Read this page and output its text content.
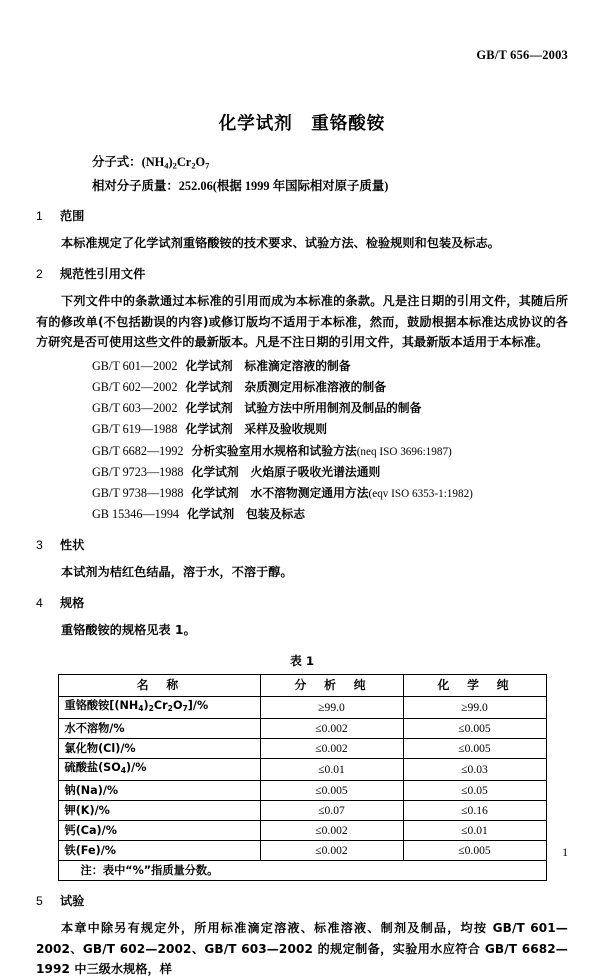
GB/T 656—2003
化学试剂　重铬酸铵
分子式：$(NH_4)_2Cr_2O_7$
相对分子质量：252.06(根据 1999 年国际相对原子质量)
1 范围

本标准规定了化学试剂重铬酸铵的技术要求、试验方法、检验规则和包装及标志。

2 规范性引用文件

下列文件中的条款通过本标准的引用而成为本标准的条款。凡是注日期的引用文件，其随后所有的修改单(不包括勘误的内容)或修订版均不适用于本标准，然而，鼓励根据本标准达成协议的各方研究是否可使用这些文件的最新版本。凡是不注日期的引用文件，其最新版本适用于本标准。

GB/T 601—2002 化学试剂　标准滴定溶液的制备
GB/T 602—2002 化学试剂　杂质测定用标准溶液的制备
GB/T 603—2002 化学试剂　试验方法中所用制剂及制品的制备
GB/T 619—1988 化学试剂　采样及验收规则
GB/T 6682—1992 分析实验室用水规格和试验方法(neq ISO 3696:1987)
GB/T 9723—1988 化学试剂　火焰原子吸收光谱法通则
GB/T 9738—1988 化学试剂　水不溶物测定通用方法(eqv ISO 6353-1:1982)
GB 15346—1994 化学试剂　包装及标志
3 性状

本试剂为桔红色结晶，溶于水，不溶于醇。

4 规格

重铬酸铵的规格见表 1。

表 1
名　称	分　析　纯	化　学　纯
重铬酸铵$[(NH_4)_2Cr_2O_7]/\%$	≥99.0	≥99.0
水不溶物/%	≤0.002	≤0.005
氯化物(Cl)/%	≤0.002	≤0.005
硫酸盐$(SO_4)/\%$	≤0.01	≤0.03
钠(Na)/%	≤0.005	≤0.05
钾(K)/%	≤0.07	≤0.16
钙(Ca)/%	≤0.002	≤0.01
铁(Fe)/%	≤0.002	≤0.005
注：表中“%”指质量分数。		
5 试验

本章中除另有规定外，所用标准滴定溶液、标准溶液、制剂及制品，均按 GB/T 601—2002、GB/T 602—2002、GB/T 603—2002 的规定制备，实验用水应符合 GB/T 6682—1992 中三级水规格，样

1
